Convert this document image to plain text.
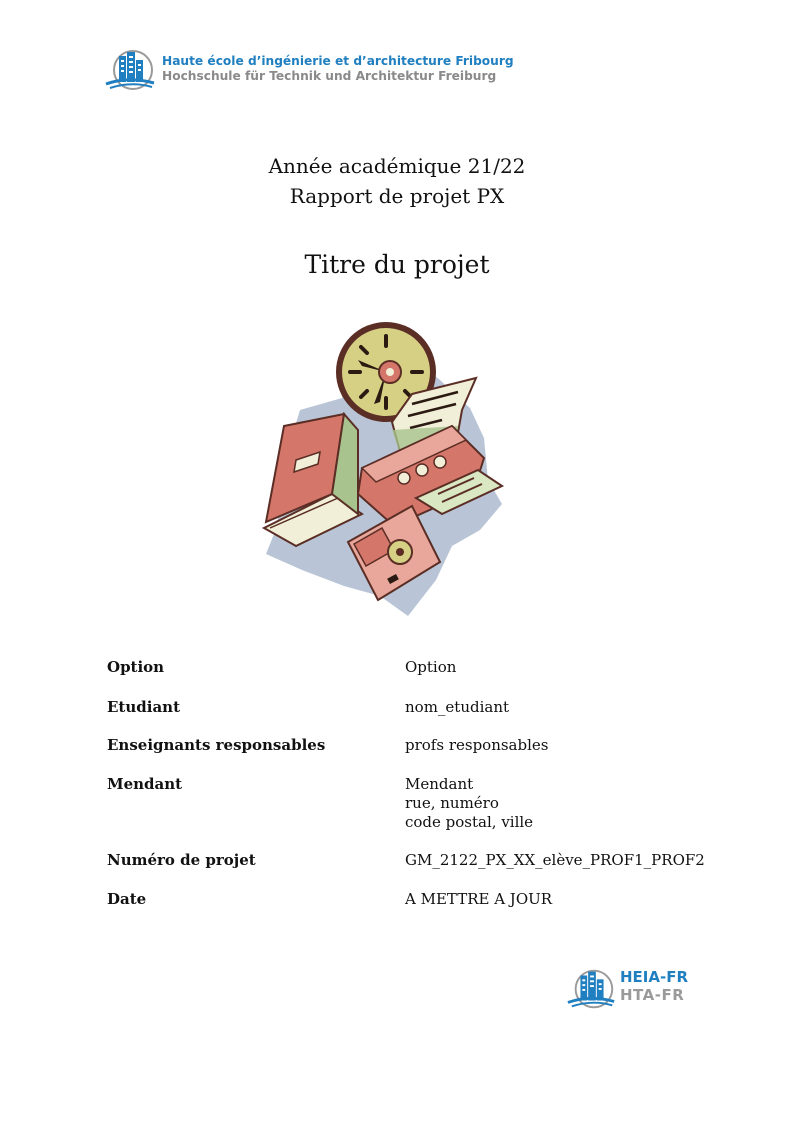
Haute école d’ingénierie et d’architecture Fribourg
Hochschule für Technik und Architektur Freiburg
Année académique 21/22
Rapport de projet PX
Titre du projet
Option	Option
Etudiant	nom_etudiant
Enseignants responsables	profs responsables
Mendant	Mendant
rue, numéro
code postal, ville
Numéro de projet	GM_2122_PX_XX_elève_PROF1_PROF2
Date	A METTRE A JOUR
HEIA-FR
HTA-FR
